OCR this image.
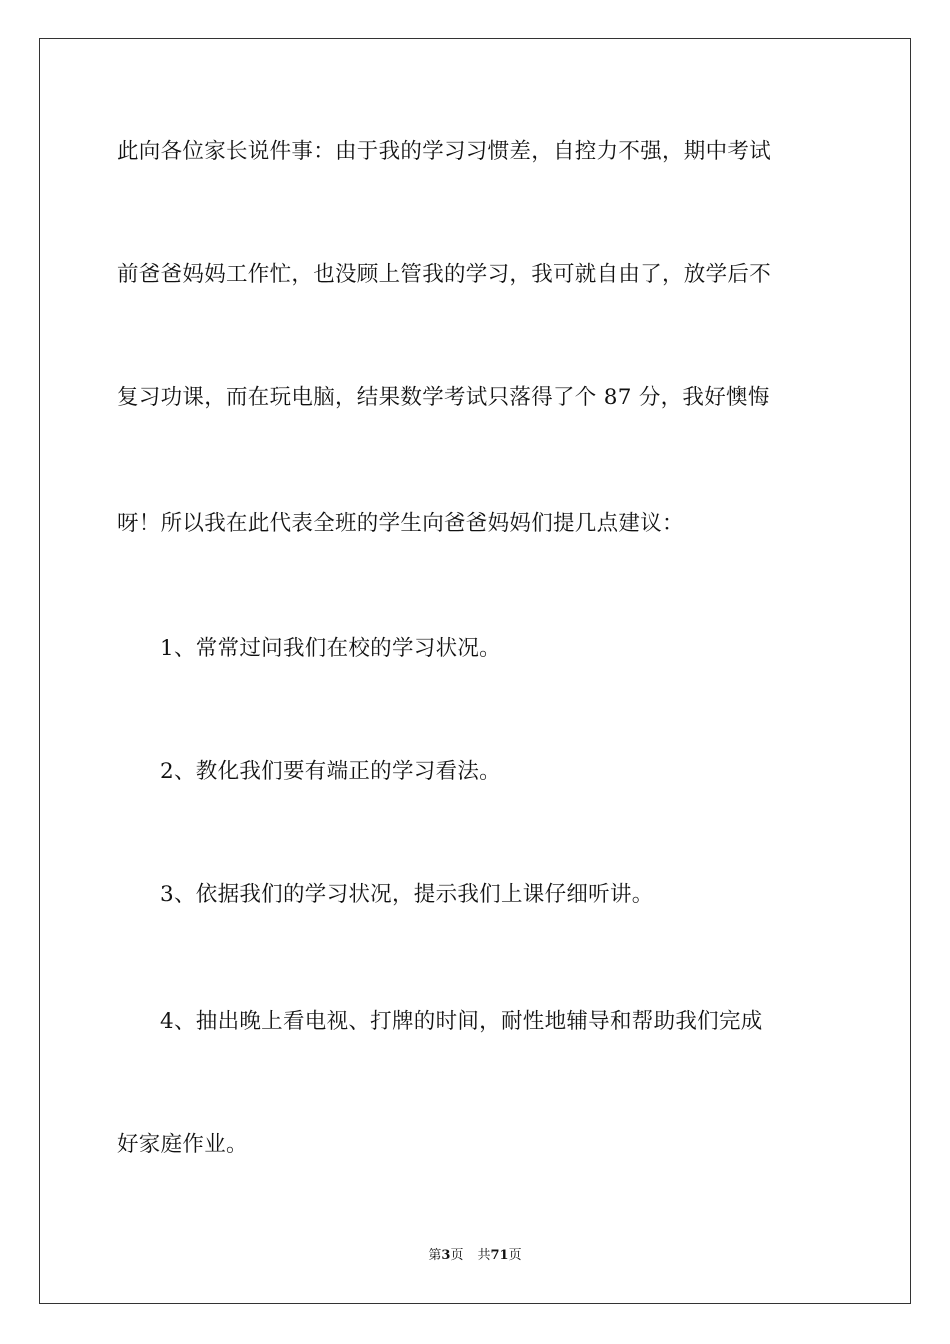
此向各位家长说件事：由于我的学习习惯差，自控力不强，期中考试
前爸爸妈妈工作忙，也没顾上管我的学习，我可就自由了，放学后不
复习功课，而在玩电脑，结果数学考试只落得了个 87 分，我好懊悔
呀！所以我在此代表全班的学生向爸爸妈妈们提几点建议：
1、常常过问我们在校的学习状况。
2、教化我们要有端正的学习看法。
3、依据我们的学习状况，提示我们上课仔细听讲。
4、抽出晚上看电视、打牌的时间，耐性地辅导和帮助我们完成
好家庭作业。
第3页 共71页
